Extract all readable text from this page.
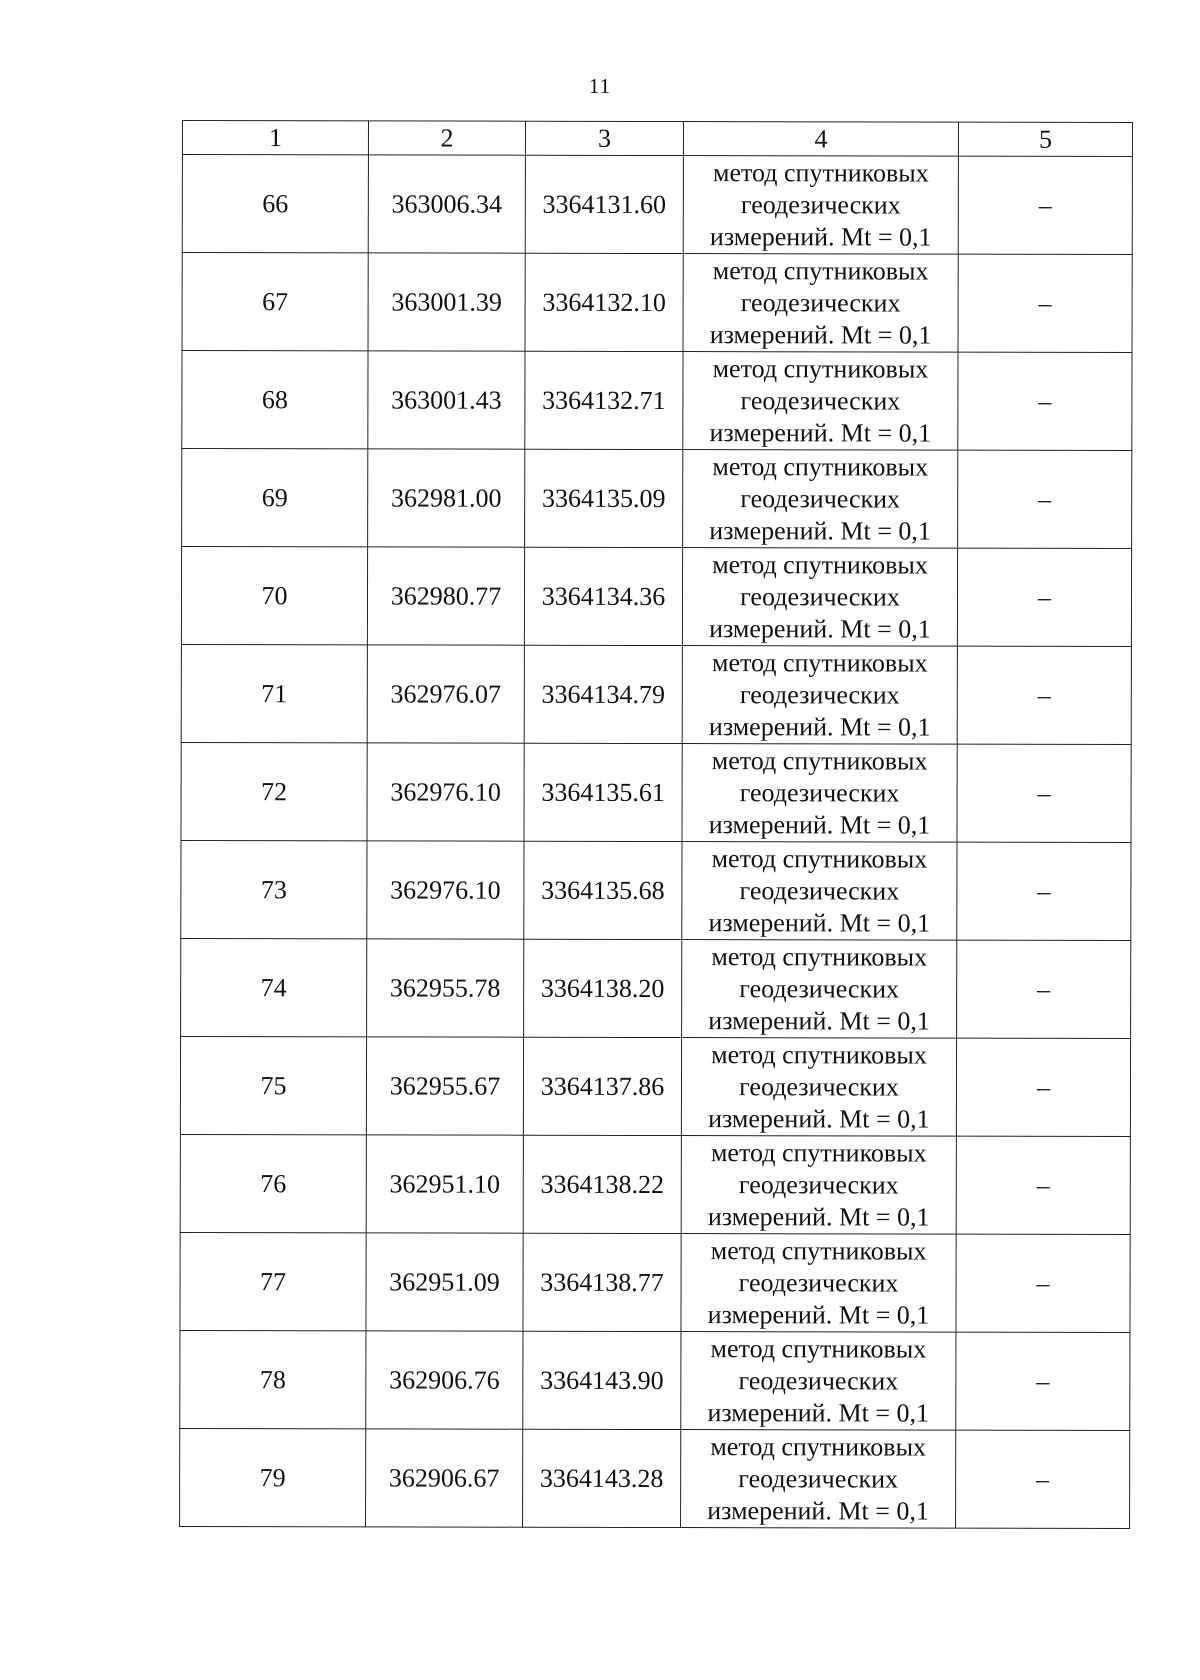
11
1	2	3	4	5
66	363006.34	3364131.60	метод спутниковых
геодезических
измерений. Mt = 0,1	–
67	363001.39	3364132.10	метод спутниковых
геодезических
измерений. Mt = 0,1	–
68	363001.43	3364132.71	метод спутниковых
геодезических
измерений. Mt = 0,1	–
69	362981.00	3364135.09	метод спутниковых
геодезических
измерений. Mt = 0,1	–
70	362980.77	3364134.36	метод спутниковых
геодезических
измерений. Mt = 0,1	–
71	362976.07	3364134.79	метод спутниковых
геодезических
измерений. Mt = 0,1	–
72	362976.10	3364135.61	метод спутниковых
геодезических
измерений. Mt = 0,1	–
73	362976.10	3364135.68	метод спутниковых
геодезических
измерений. Mt = 0,1	–
74	362955.78	3364138.20	метод спутниковых
геодезических
измерений. Mt = 0,1	–
75	362955.67	3364137.86	метод спутниковых
геодезических
измерений. Mt = 0,1	–
76	362951.10	3364138.22	метод спутниковых
геодезических
измерений. Mt = 0,1	–
77	362951.09	3364138.77	метод спутниковых
геодезических
измерений. Mt = 0,1	–
78	362906.76	3364143.90	метод спутниковых
геодезических
измерений. Mt = 0,1	–
79	362906.67	3364143.28	метод спутниковых
геодезических
измерений. Mt = 0,1	–
